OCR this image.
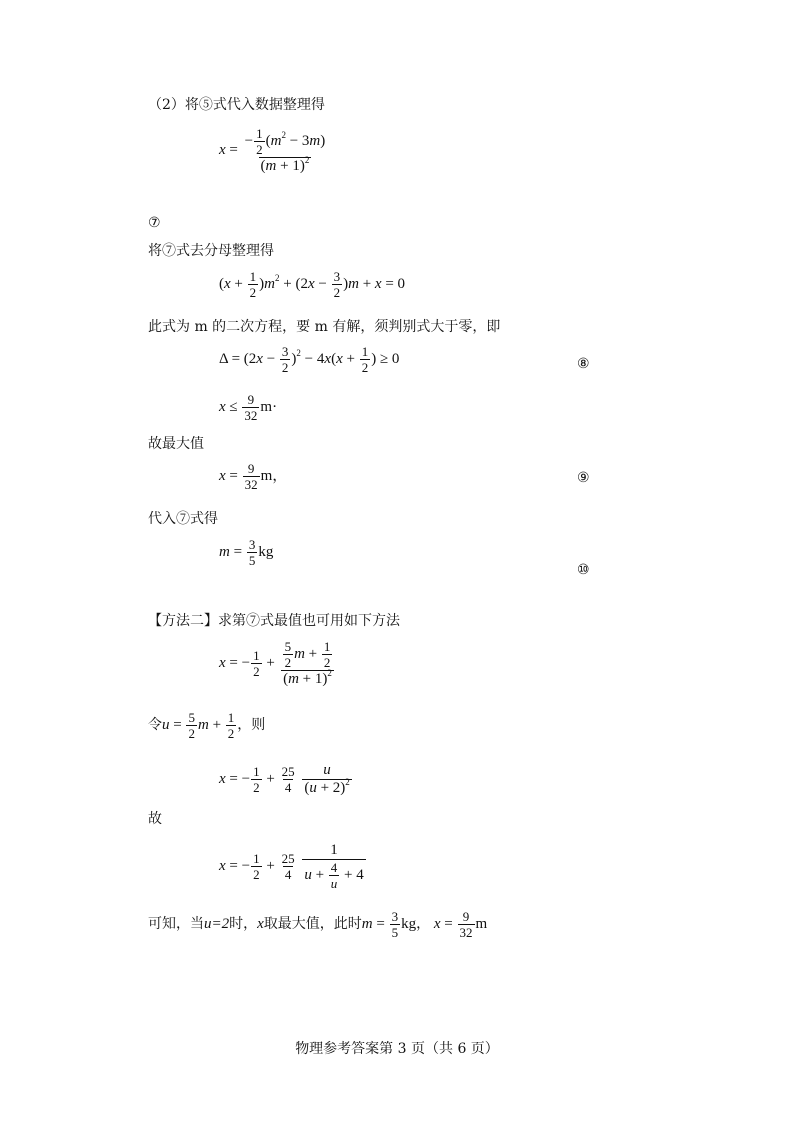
（2）将⑤式代入数据整理得
$x = \frac{- \frac{1}{2} (m^2 - 3m)}{(m + 1)^2}$
⑦
将⑦式去分母整理得
$(x + \frac{1}{2} )m^2 + (2x - \frac{3}{2} )m + x = 0$
此式为 m 的二次方程，要 m 有解，须判别式大于零，即
$\Delta = (2x - \frac{3}{2} )^2 - 4x(x + \frac{1}{2}$ ) ≥ 0	⑧
$x \le \frac{9}{32} m\cdot$
故最大值
$x = \frac{9}{32}$ m，	⑨
代入⑦式得
$m = \frac{3}{5}$ kg
⑩
【方法二】求第⑦式最值也可用如下方法
x = − $\frac{1}{2} + \frac{\frac{5}{2} m + \frac{1}{2}}{(m + 1)^2}$
令$u = \frac{5}{2}$ $m + \frac{1}{2}$ ，则
x = − $\frac{1}{2} + \frac{25}{4}$
$\frac{u}{(u + 2)^2}$
故
x = − $\frac{1}{2} + \frac{25}{4}$
$\frac{1}{u + \frac{4}{u} + 4}$
可知，当u=2时，x取最大值，此时$m = \frac{3}{5}$ kg， $x = \frac{9}{32}$ m
物理参考答案第 3 页（共 6 页）
